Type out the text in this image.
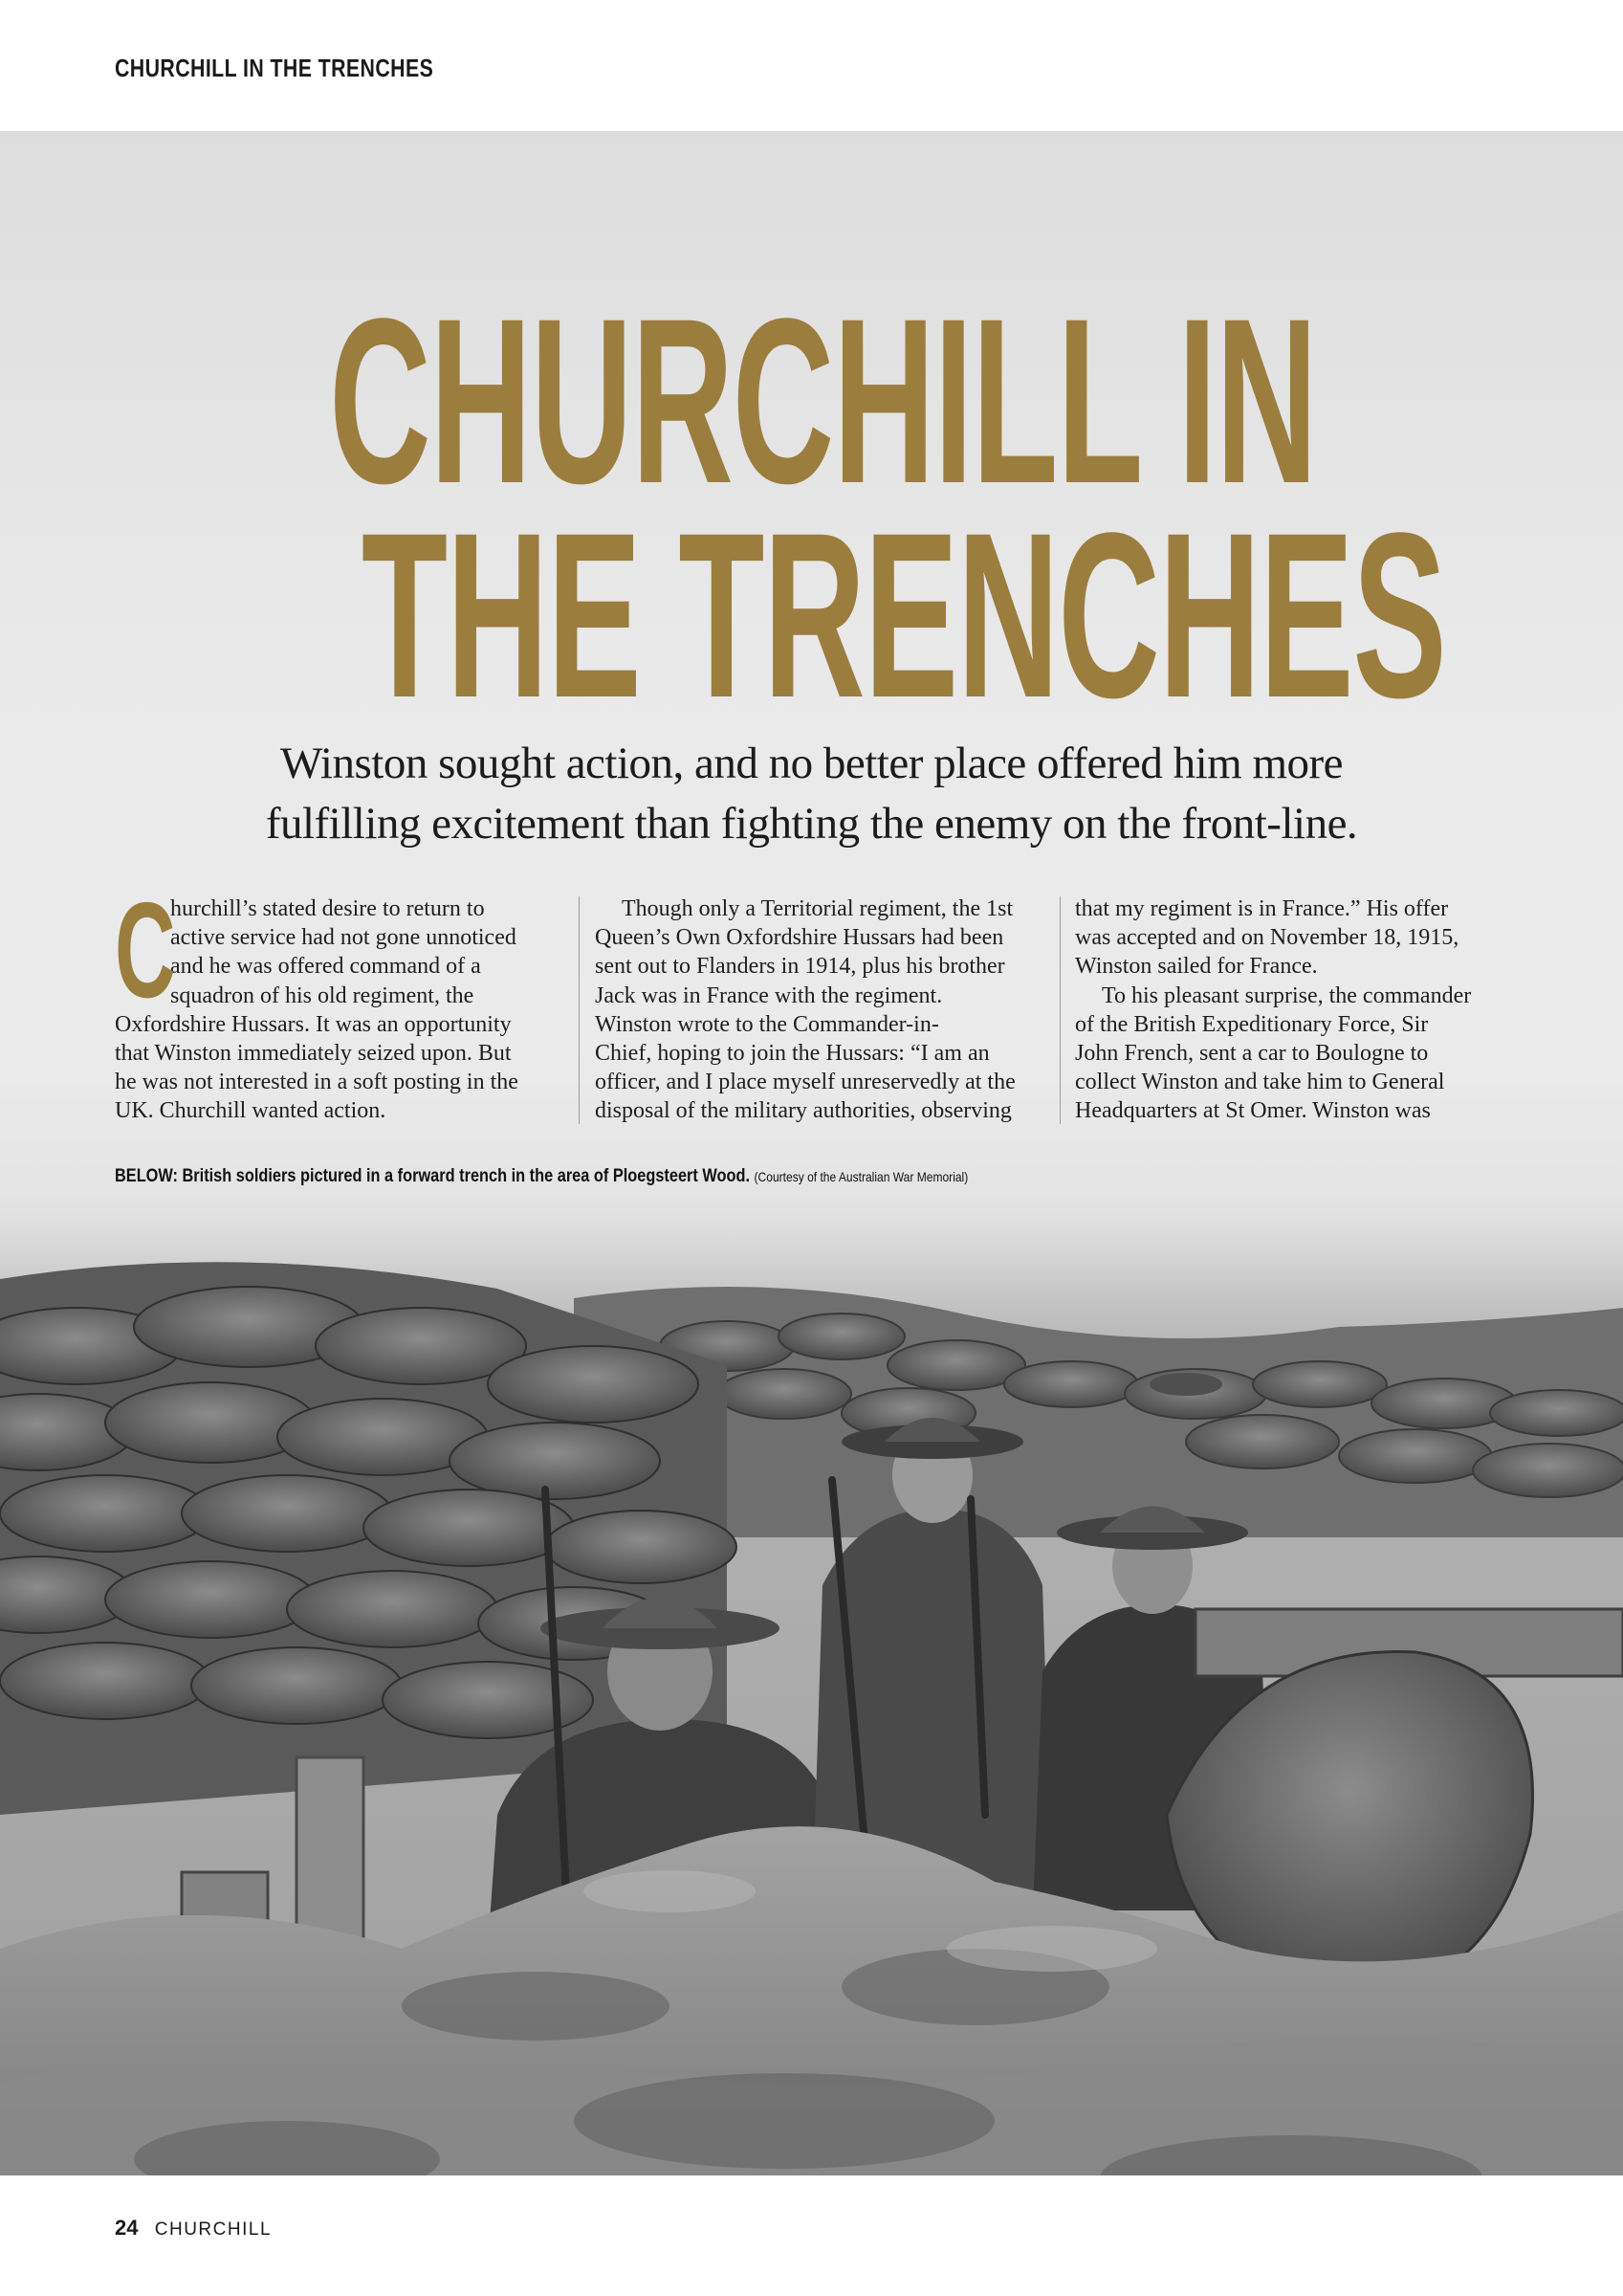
CHURCHILL IN THE TRENCHES
CHURCHILL IN
THE TRENCHES
Winston sought action, and no better place offered him more
fulfilling excitement than fighting the enemy on the front-line.
C
hurchill’s stated desire to return to
active service had not gone unnoticed
and he was offered command of a
squadron of his old regiment, the
Oxfordshire Hussars. It was an opportunity
that Winston immediately seized upon. But
he was not interested in a soft posting in the
UK. Churchill wanted action.
Though only a Territorial regiment, the 1st
Queen’s Own Oxfordshire Hussars had been
sent out to Flanders in 1914, plus his brother
Jack was in France with the regiment.
Winston wrote to the Commander-in-
Chief, hoping to join the Hussars: “I am an
officer, and I place myself unreservedly at the
disposal of the military authorities, observing
that my regiment is in France.” His offer
was accepted and on November 18, 1915,
Winston sailed for France.
To his pleasant surprise, the commander
of the British Expeditionary Force, Sir
John French, sent a car to Boulogne to
collect Winston and take him to General
Headquarters at St Omer. Winston was
BELOW: British soldiers pictured in a forward trench in the area of Ploegsteert Wood. (Courtesy of the Australian War Memorial)
24 CHURCHILL
